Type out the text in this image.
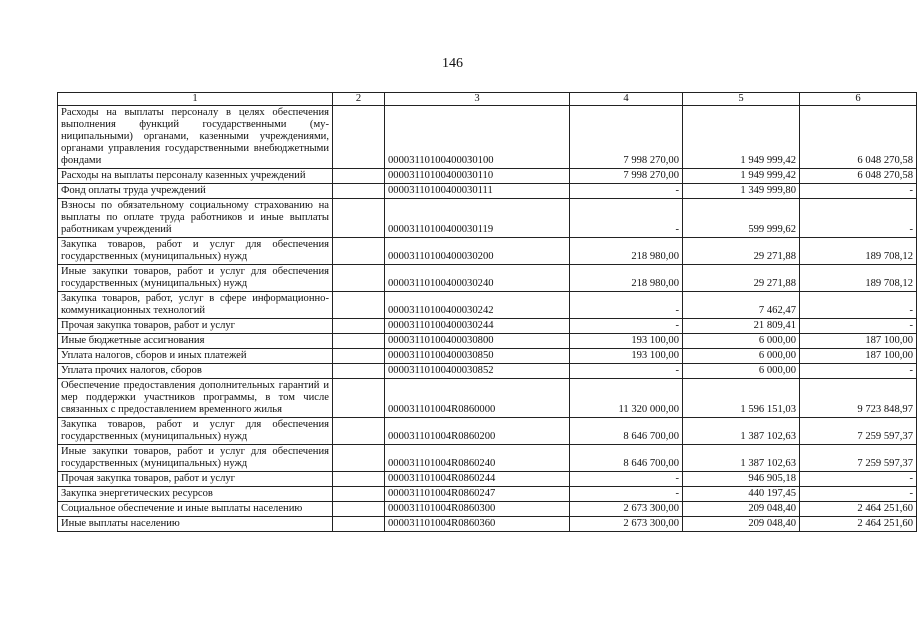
146
1	2	3	4	5	6
Расходы на выплаты персоналу в целях обеспечения выполнения функций государственными (муниципальными) органами, казенными учреждениями, органами управления государственными внебюджетными фондами		000031101004000З0100	7 998 270,00	1 949 999,42	6 048 270,58
Расходы на выплаты персоналу казенных учреждений		00003110100400030110	7 998 270,00	1 949 999,42	6 048 270,58
Фонд оплаты труда учреждений		00003110100400030111	-	1 349 999,80	-
Взносы по обязательному социальному страхованию на выплаты по оплате труда работников и иные выплаты работникам учреждений		00003110100400030119	-	599 999,62	-
Закупка товаров, работ и услуг для обеспечения государственных (муниципальных) нужд		00003110100400030200	218 980,00	29 271,88	189 708,12
Иные закупки товаров, работ и услуг для обеспечения государственных (муниципальных) нужд		00003110100400030240	218 980,00	29 271,88	189 708,12
Закупка товаров, работ, услуг в сфере информационно-коммуникационных технологий		00003110100400030242	-	7 462,47	-
Прочая закупка товаров, работ и услуг		00003110100400030244	-	21 809,41	-
Иные бюджетные ассигнования		00003110100400030800	193 100,00	6 000,00	187 100,00
Уплата налогов, сборов и иных платежей		00003110100400030850	193 100,00	6 000,00	187 100,00
Уплата прочих налогов, сборов		00003110100400030852	-	6 000,00	-
Обеспечение предоставления дополнительных гарантий и мер поддержки участников программы, в том числе связанных с предоставлением временного жилья		000031101004R0860000	11 320 000,00	1 596 151,03	9 723 848,97
Закупка товаров, работ и услуг для обеспечения государственных (муниципальных) нужд		000031101004R0860200	8 646 700,00	1 387 102,63	7 259 597,37
Иные закупки товаров, работ и услуг для обеспечения государственных (муниципальных) нужд		000031101004R0860240	8 646 700,00	1 387 102,63	7 259 597,37
Прочая закупка товаров, работ и услуг		000031101004R0860244	-	946 905,18	-
Закупка энергетических ресурсов		000031101004R0860247	-	440 197,45	-
Социальное обеспечение и иные выплаты населению		000031101004R0860300	2 673 300,00	209 048,40	2 464 251,60
Иные выплаты населению		000031101004R0860360	2 673 300,00	209 048,40	2 464 251,60
